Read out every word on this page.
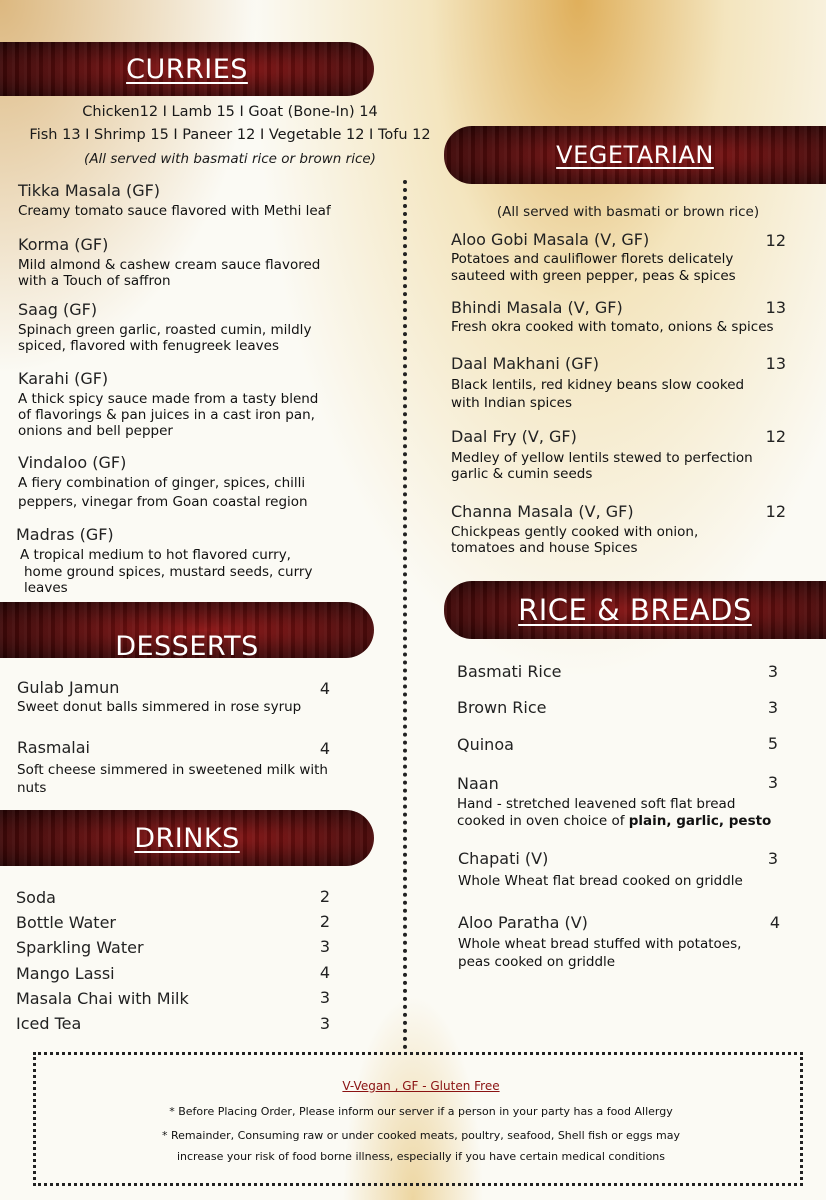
CURRIES
Chicken12 I Lamb 15 I Goat (Bone-In) 14
Fish 13 I Shrimp 15 I Paneer 12 I Vegetable 12 I Tofu 12
(All served with basmati rice or brown rice)
Tikka Masala (GF)
Creamy tomato sauce flavored with Methi leaf
Korma (GF)
Mild almond & cashew cream sauce flavored
with a Touch of saffron
Saag (GF)
Spinach green garlic, roasted cumin, mildly
spiced, flavored with fenugreek leaves
Karahi (GF)
A thick spicy sauce made from a tasty blend
of flavorings & pan juices in a cast iron pan,
onions and bell pepper
Vindaloo (GF)
A fiery combination of ginger, spices, chilli
peppers, vinegar from Goan coastal region
Madras (GF)
A tropical medium to hot flavored curry,
home ground spices, mustard seeds, curry
leaves
DESSERTS
Gulab Jamun	4
Sweet donut balls simmered in rose syrup
Rasmalai	4
Soft cheese simmered in sweetened milk with
nuts
DRINKS
Soda	2
Bottle Water	2
Sparkling Water	3
Mango Lassi	4
Masala Chai with Milk	3
Iced Tea	3
VEGETARIAN
(All served with basmati or brown rice)
Aloo Gobi Masala (V, GF)	12
Potatoes and cauliflower florets delicately
sauteed with green pepper, peas & spices
Bhindi Masala (V, GF)	13
Fresh okra cooked with tomato, onions & spices
Daal Makhani (GF)	13
Black lentils, red kidney beans slow cooked
with Indian spices
Daal Fry (V, GF)	12
Medley of yellow lentils stewed to perfection
garlic & cumin seeds
Channa Masala (V, GF)	12
Chickpeas gently cooked with onion,
tomatoes and house Spices
RICE & BREADS
Basmati Rice	3
Brown Rice	3
Quinoa	5
Naan	3
Hand - stretched leavened soft flat bread
cooked in oven choice of plain, garlic, pesto
Chapati (V)	3
Whole Wheat flat bread cooked on griddle
Aloo Paratha (V)	4
Whole wheat bread stuffed with potatoes,
peas cooked on griddle
V-Vegan , GF - Gluten Free
* Before Placing Order, Please inform our server if a person in your party has a food Allergy
* Remainder, Consuming raw or under cooked meats, poultry, seafood, Shell fish or eggs may
increase your risk of food borne illness, especially if you have certain medical conditions
